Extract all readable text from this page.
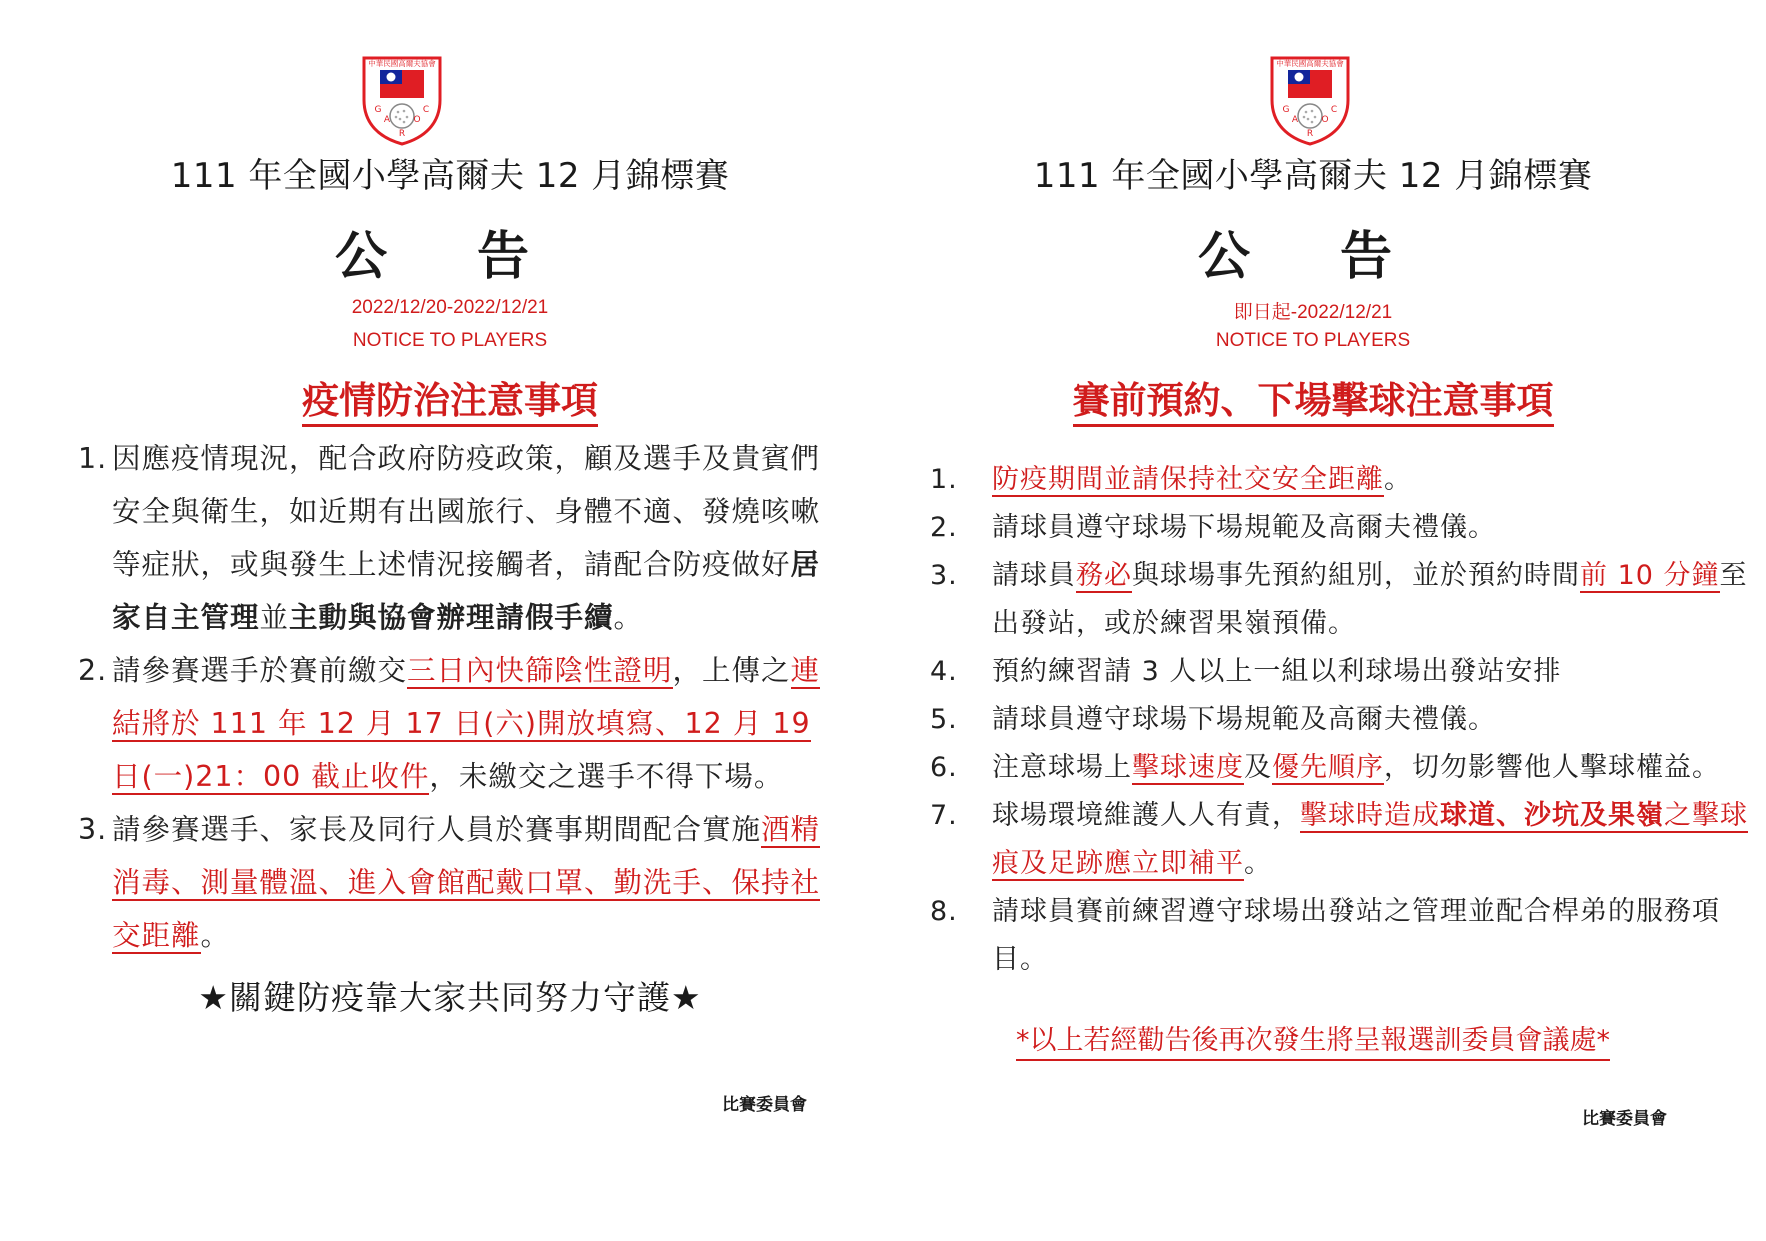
中華民國高爾夫協會
G
A
R
O
C
111 年全國小學高爾夫 12 月錦標賽
公 告
2022/12/20-2022/12/21
NOTICE TO PLAYERS
疫情防治注意事項
1. 因應疫情現況，配合政府防疫政策，顧及選手及貴賓們安全與衛生，如近期有出國旅行、身體不適、發燒咳嗽等症狀，或與發生上述情況接觸者，請配合防疫做好居家自主管理並主動與協會辦理請假手續。
2. 請參賽選手於賽前繳交三日內快篩陰性證明，上傳之連結將於 111 年 12 月 17 日(六)開放填寫、12 月 19 日(一)21：00 截止收件，未繳交之選手不得下場。
3. 請參賽選手、家長及同行人員於賽事期間配合實施酒精消毒、測量體溫、進入會館配戴口罩、勤洗手、保持社交距離。
★關鍵防疫靠大家共同努力守護★
比賽委員會
中華民國高爾夫協會
G
A
R
O
C
111 年全國小學高爾夫 12 月錦標賽
公 告
即日起-2022/12/21
NOTICE TO PLAYERS
賽前預約、下場擊球注意事項
1. 防疫期間並請保持社交安全距離。
2. 請球員遵守球場下場規範及高爾夫禮儀。
3. 請球員務必與球場事先預約組別，並於預約時間前 10 分鐘至出發站，或於練習果嶺預備。
4. 預約練習請 3 人以上一組以利球場出發站安排
5. 請球員遵守球場下場規範及高爾夫禮儀。
6. 注意球場上擊球速度及優先順序，切勿影響他人擊球權益。
7. 球場環境維護人人有責，擊球時造成球道、沙坑及果嶺之擊球痕及足跡應立即補平。
8. 請球員賽前練習遵守球場出發站之管理並配合桿弟的服務項目。
*以上若經勸告後再次發生將呈報選訓委員會議處*
比賽委員會
